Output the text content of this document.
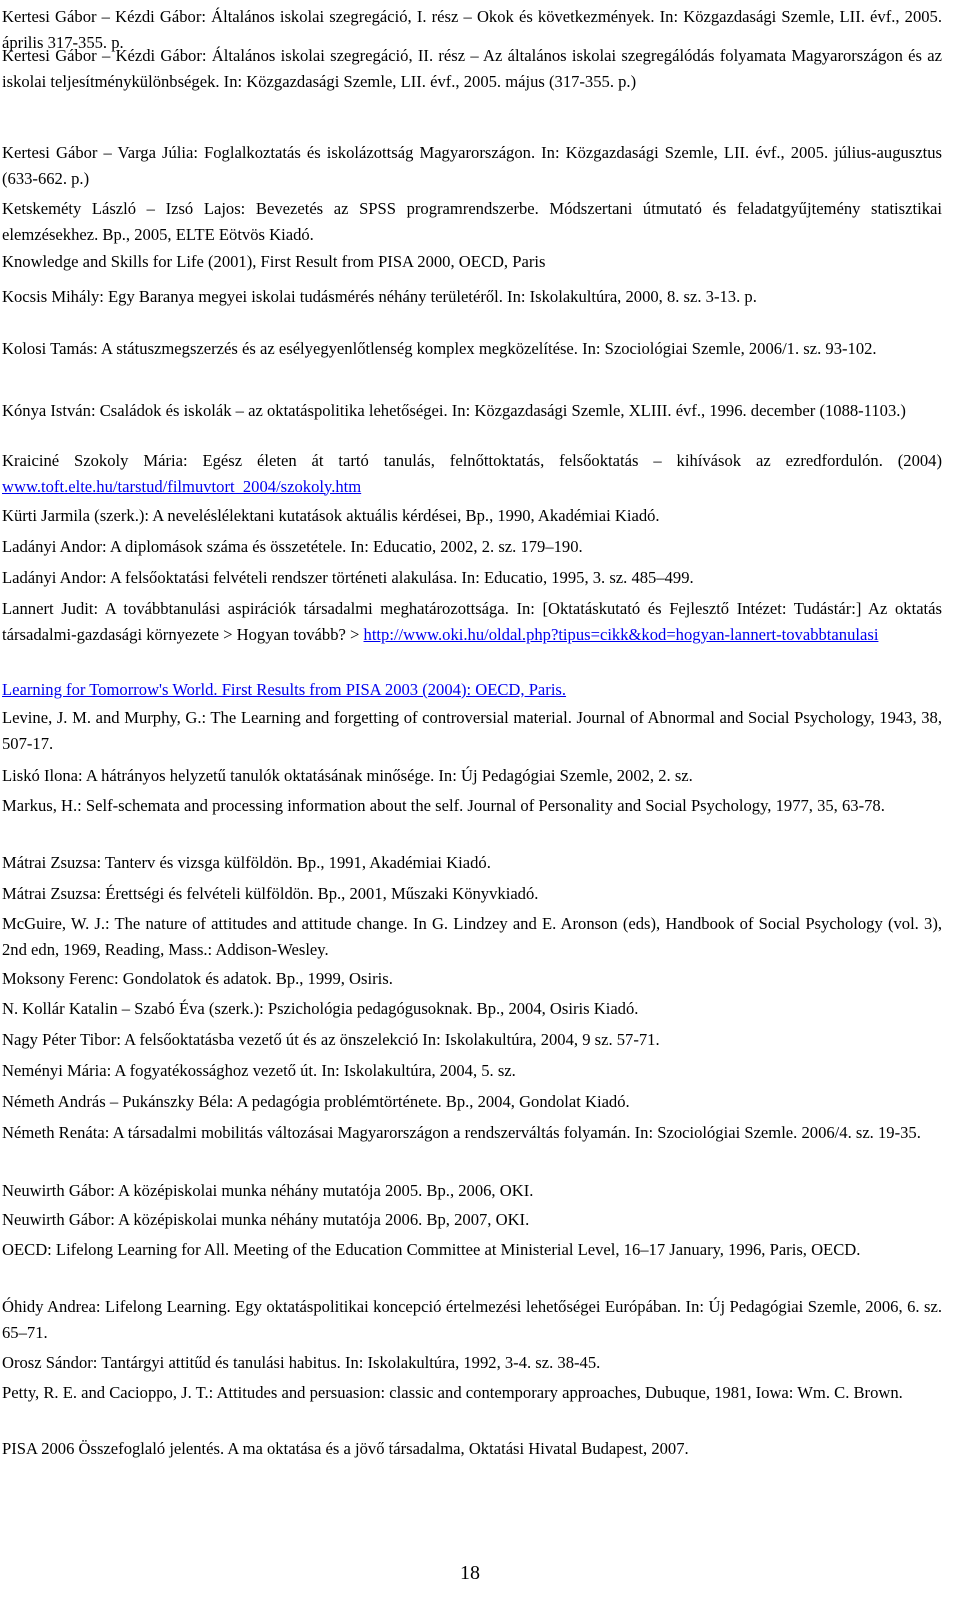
Kertesi Gábor – Kézdi Gábor: Általános iskolai szegregáció, I. rész – Okok és következmények. In: Közgazdasági Szemle, LII. évf., 2005. április 317-355. p.

Kertesi Gábor – Kézdi Gábor: Általános iskolai szegregáció, II. rész – Az általános iskolai szegregálódás folyamata Magyarországon és az iskolai teljesítménykülönbségek. In: Közgazdasági Szemle, LII. évf., 2005. május (317-355. p.)

Kertesi Gábor – Varga Júlia: Foglalkoztatás és iskolázottság Magyarországon. In: Közgazdasági Szemle, LII. évf., 2005. július-augusztus (633-662. p.)

Ketskeméty László – Izsó Lajos: Bevezetés az SPSS programrendszerbe. Módszertani útmutató és feladatgyűjtemény statisztikai elemzésekhez. Bp., 2005, ELTE Eötvös Kiadó.

Knowledge and Skills for Life (2001), First Result from PISA 2000, OECD, Paris

Kocsis Mihály: Egy Baranya megyei iskolai tudásmérés néhány területéről. In: Iskolakultúra, 2000, 8. sz. 3-13. p.

Kolosi Tamás: A státuszmegszerzés és az esélyegyenlőtlenség komplex megközelítése. In: Szociológiai Szemle, 2006/1. sz. 93-102.

Kónya István: Családok és iskolák – az oktatáspolitika lehetőségei. In: Közgazdasági Szemle, XLIII. évf., 1996. december (1088-1103.)

Kraiciné Szokoly Mária: Egész életen át tartó tanulás, felnőttoktatás, felsőoktatás – kihívások az ezredfordulón. (2004) www.toft.elte.hu/tarstud/filmuvtort_2004/szokoly.htm

Kürti Jarmila (szerk.): A neveléslélektani kutatások aktuális kérdései, Bp., 1990, Akadémiai Kiadó.

Ladányi Andor: A diplomások száma és összetétele. In: Educatio, 2002, 2. sz. 179–190.

Ladányi Andor: A felsőoktatási felvételi rendszer történeti alakulása. In: Educatio, 1995, 3. sz. 485–499.

Lannert Judit: A továbbtanulási aspirációk társadalmi meghatározottsága. In: [Oktatáskutató és Fejlesztő Intézet: Tudástár:] Az oktatás társadalmi-gazdasági környezete > Hogyan tovább? > http://www.oki.hu/oldal.php?tipus=cikk&kod=hogyan-lannert-tovabbtanulasi

Learning for Tomorrow's World. First Results from PISA 2003 (2004): OECD, Paris.

Levine, J. M. and Murphy, G.: The Learning and forgetting of controversial material. Journal of Abnormal and Social Psychology, 1943, 38, 507-17.

Liskó Ilona: A hátrányos helyzetű tanulók oktatásának minősége. In: Új Pedagógiai Szemle, 2002, 2. sz.

Markus, H.: Self-schemata and processing information about the self. Journal of Personality and Social Psychology, 1977, 35, 63-78.

Mátrai Zsuzsa: Tanterv és vizsga külföldön. Bp., 1991, Akadémiai Kiadó.

Mátrai Zsuzsa: Érettségi és felvételi külföldön. Bp., 2001, Műszaki Könyvkiadó.

McGuire, W. J.: The nature of attitudes and attitude change. In G. Lindzey and E. Aronson (eds), Handbook of Social Psychology (vol. 3), 2nd edn, 1969, Reading, Mass.: Addison-Wesley.

Moksony Ferenc: Gondolatok és adatok. Bp., 1999, Osiris.

N. Kollár Katalin – Szabó Éva (szerk.): Pszichológia pedagógusoknak. Bp., 2004, Osiris Kiadó.

Nagy Péter Tibor: A felsőoktatásba vezető út és az önszelekció In: Iskolakultúra, 2004, 9 sz. 57-71.

Neményi Mária: A fogyatékossághoz vezető út. In: Iskolakultúra, 2004, 5. sz.

Németh András – Pukánszky Béla: A pedagógia problémtörténete. Bp., 2004, Gondolat Kiadó.

Németh Renáta: A társadalmi mobilitás változásai Magyarországon a rendszerváltás folyamán. In: Szociológiai Szemle. 2006/4. sz. 19-35.

Neuwirth Gábor: A középiskolai munka néhány mutatója 2005. Bp., 2006, OKI.

Neuwirth Gábor: A középiskolai munka néhány mutatója 2006. Bp, 2007, OKI.

OECD: Lifelong Learning for All. Meeting of the Education Committee at Ministerial Level, 16–17 January, 1996, Paris, OECD.

Óhidy Andrea: Lifelong Learning. Egy oktatáspolitikai koncepció értelmezési lehetőségei Európában. In: Új Pedagógiai Szemle, 2006, 6. sz. 65–71.

Orosz Sándor: Tantárgyi attitűd és tanulási habitus. In: Iskolakultúra, 1992, 3-4. sz. 38-45.

Petty, R. E. and Cacioppo, J. T.: Attitudes and persuasion: classic and contemporary approaches, Dubuque, 1981, Iowa: Wm. C. Brown.

PISA 2006 Összefoglaló jelentés. A ma oktatása és a jövő társadalma, Oktatási Hivatal Budapest, 2007.

18
